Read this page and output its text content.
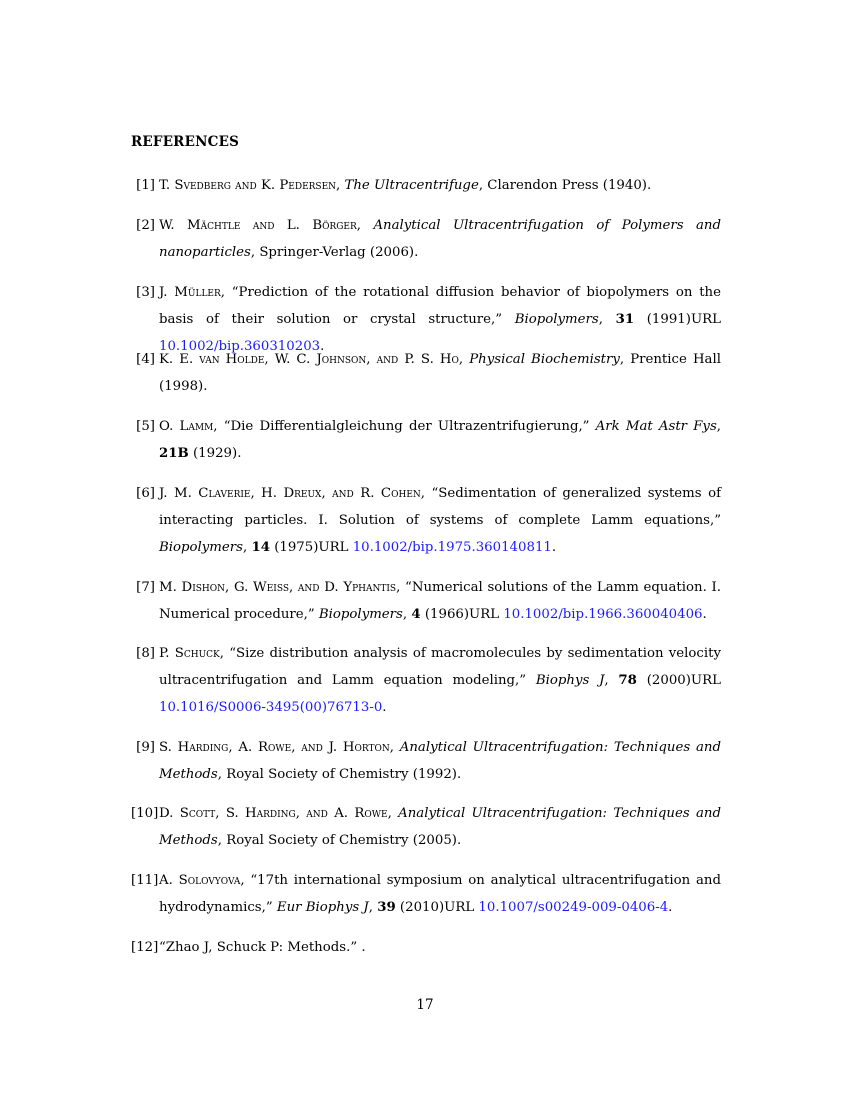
REFERENCES
[1] T. Svedberg and K. Pedersen, The Ultracentrifuge, Clarendon Press (1940).
[2] W. Mächtle and L. Börger, Analytical Ultracentrifugation of Polymers and nanoparticles, Springer-Verlag (2006).
[3] J. Müller, “Prediction of the rotational diffusion behavior of biopolymers on the basis of their solution or crystal structure,” Biopolymers, 31 (1991)URL 10.1002/bip.360310203.
[4] K. E. van Holde, W. C. Johnson, and P. S. Ho, Physical Biochemistry, Prentice Hall (1998).
[5] O. Lamm, “Die Differentialgleichung der Ultrazentrifugierung,” Ark Mat Astr Fys, 21B (1929).
[6] J. M. Claverie, H. Dreux, and R. Cohen, “Sedimentation of generalized systems of interacting particles. I. Solution of systems of complete Lamm equations,” Biopolymers, 14 (1975)URL 10.1002/bip.1975.360140811.
[7] M. Dishon, G. Weiss, and D. Yphantis, “Numerical solutions of the Lamm equation. I. Numerical procedure,” Biopolymers, 4 (1966)URL 10.1002/bip.1966.360040406.
[8] P. Schuck, “Size distribution analysis of macromolecules by sedimentation velocity ultracentrifugation and Lamm equation modeling,” Biophys J, 78 (2000)URL 10.1016/S0006-3495(00)76713-0.
[9] S. Harding, A. Rowe, and J. Horton, Analytical Ultracentrifugation: Techniques and Methods, Royal Society of Chemistry (1992).
[10] D. Scott, S. Harding, and A. Rowe, Analytical Ultracentrifugation: Techniques and Methods, Royal Society of Chemistry (2005).
[11] A. Solovyova, “17th international symposium on analytical ultracentrifugation and hydrodynamics,” Eur Biophys J, 39 (2010)URL 10.1007/s00249-009-0406-4.
[12] “Zhao J, Schuck P: Methods.” .
17
